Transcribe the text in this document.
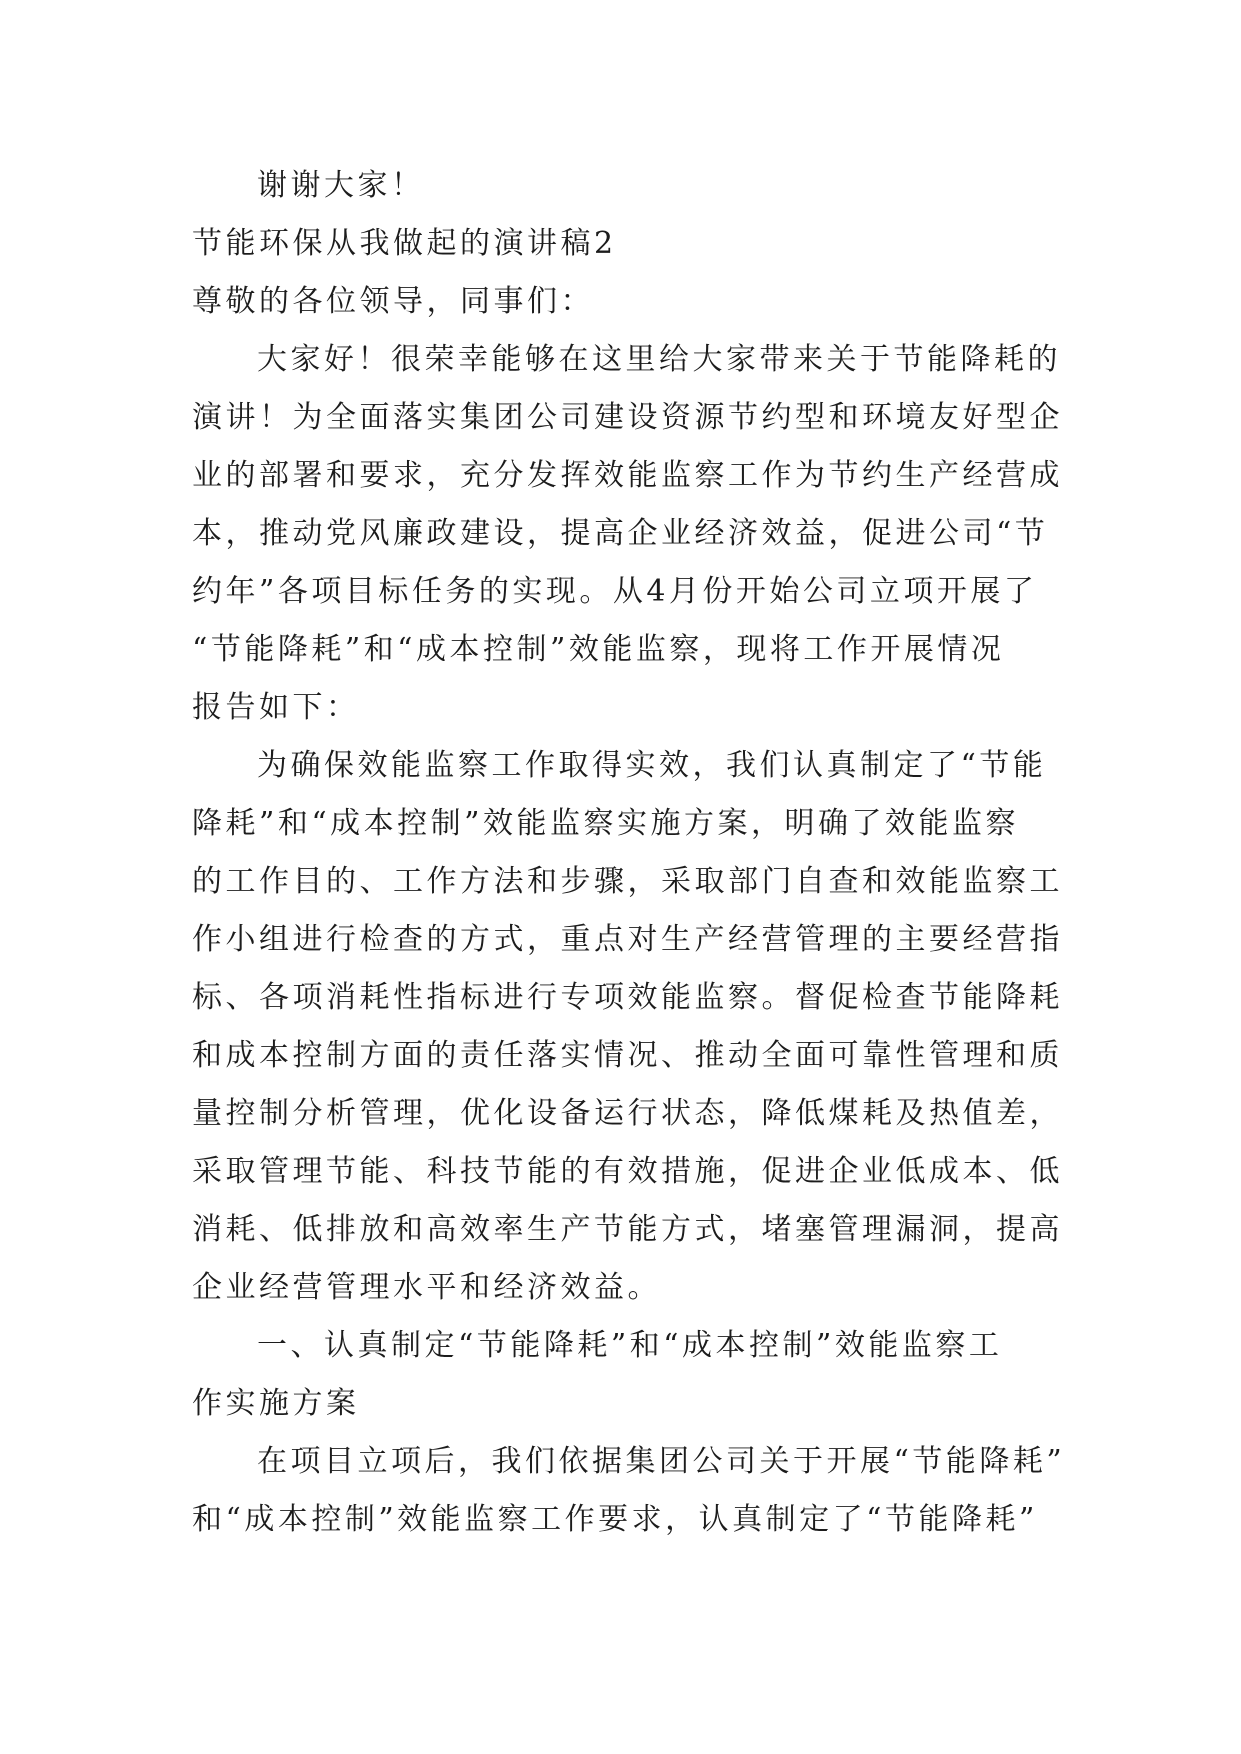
谢谢大家！
节能环保从我做起的演讲稿2
尊敬的各位领导，同事们：
大家好！很荣幸能够在这里给大家带来关于节能降耗的
演讲！为全面落实集团公司建设资源节约型和环境友好型企
业的部署和要求，充分发挥效能监察工作为节约生产经营成
本，推动党风廉政建设，提高企业经济效益，促进公司“节
约年”各项目标任务的实现。从4月份开始公司立项开展了
“节能降耗”和“成本控制”效能监察，现将工作开展情况
报告如下：
为确保效能监察工作取得实效，我们认真制定了“节能
降耗”和“成本控制”效能监察实施方案，明确了效能监察
的工作目的、工作方法和步骤，采取部门自查和效能监察工
作小组进行检查的方式，重点对生产经营管理的主要经营指
标、各项消耗性指标进行专项效能监察。督促检查节能降耗
和成本控制方面的责任落实情况、推动全面可靠性管理和质
量控制分析管理，优化设备运行状态，降低煤耗及热值差，
采取管理节能、科技节能的有效措施，促进企业低成本、低
消耗、低排放和高效率生产节能方式，堵塞管理漏洞，提高
企业经营管理水平和经济效益。
一、认真制定“节能降耗”和“成本控制”效能监察工
作实施方案
在项目立项后，我们依据集团公司关于开展“节能降耗”
和“成本控制”效能监察工作要求，认真制定了“节能降耗”
